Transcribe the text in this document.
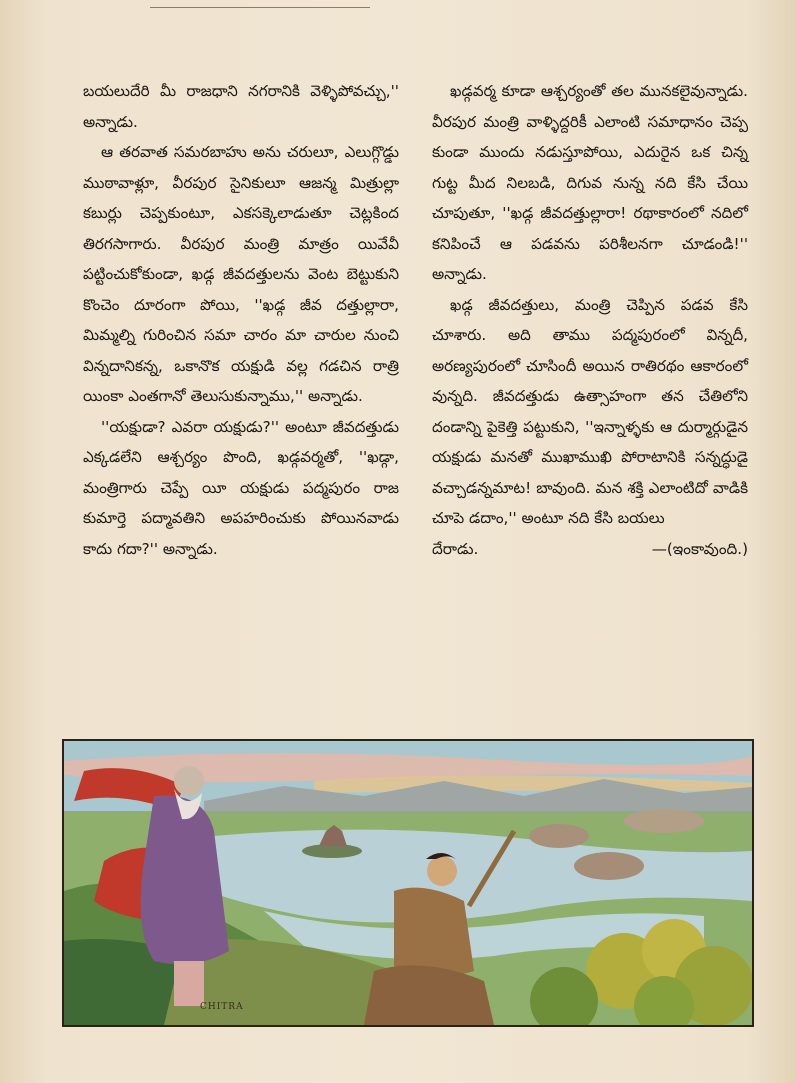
బయలుదేరి మీ రాజధాని నగరానికి వెళ్ళిపోవచ్చు,'' అన్నాడు.

ఆ తరవాత సమరబాహు అను చరులూ, ఎలుగ్గొడ్డు ముఠావాళ్లూ, వీరపుర సైనికులూ ఆజన్మ మిత్రుల్లా కబుర్లు చెప్పకుంటూ, ఎకసక్కెలాడుతూ చెట్లకింద తిరగసాగారు. వీరపుర మంత్రి మాత్రం యివేవీ పట్టించుకోకుండా, ఖడ్గ జీవదత్తులను వెంట బెట్టుకుని కొంచెం దూరంగా పోయి, ''ఖడ్గ జీవ దత్తుల్లారా, మిమ్మల్ని గురించిన సమా చారం మా చారుల నుంచి విన్నదానికన్న, ఒకానొక యక్షుడి వల్ల గడచిన రాత్రి యింకా ఎంతగానో తెలుసుకున్నాము,'' అన్నాడు.

''యక్షుడా? ఎవరా యక్షుడు?'' అంటూ జీవదత్తుడు ఎక్కడలేని ఆశ్చర్యం పొంది, ఖడ్గవర్మతో, ''ఖడ్గా, మంత్రిగారు చెప్పే యీ యక్షుడు పద్మపురం రాజ కుమార్తె పద్మావతిని అపహరించుకు పోయినవాడు కాదు గదా?'' అన్నాడు.

ఖడ్గవర్మ కూడా ఆశ్చర్యంతో తల మునకలైవున్నాడు. వీరపుర మంత్రి వాళ్ళిద్దరికీ ఎలాంటి సమాధానం చెప్ప కుండా ముందు నడుస్తూపోయి, ఎదురైన ఒక చిన్న గుట్ట మీద నిలబడి, దిగువ నున్న నది కేసి చేయి చూపుతూ, ''ఖడ్గ జీవదత్తుల్లారా! రథాకారంలో నదిలో కనిపించే ఆ పడవను పరిశీలనగా చూడండి!'' అన్నాడు.

ఖడ్గ జీవదత్తులు, మంత్రి చెప్పిన పడవ కేసి చూశారు. అది తాము పద్మపురంలో విన్నదీ, అరణ్యపురంలో చూసిందీ అయిన రాతిరథం ఆకారంలో వున్నది. జీవదత్తుడు ఉత్సాహంగా తన చేతిలోని దండాన్ని పైకెత్తి పట్టుకుని, ''ఇన్నాళ్ళకు ఆ దుర్మార్గుడైన యక్షుడు మనతో ముఖాముఖి పోరాటానికి సన్నద్ధుడై వచ్చాడన్నమాట! బావుంది. మన శక్తి ఎలాంటిదో వాడికి చూపె డదాం,'' అంటూ నది కేసి బయలు

దేరాడు.	—(ఇంకావుంది.)
CHITRA
